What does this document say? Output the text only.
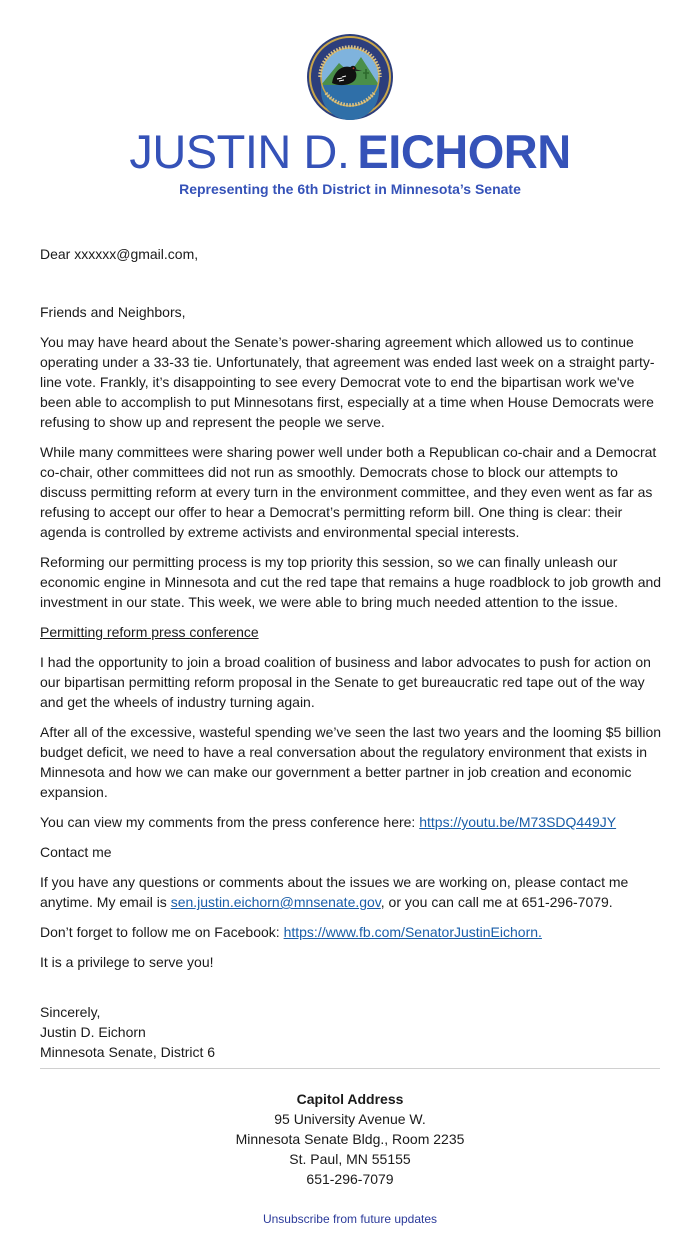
JUSTIN D. EICHORN
Representing the 6th District in Minnesota’s Senate

Dear xxxxxx@gmail.com,

Friends and Neighbors,

You may have heard about the Senate’s power-sharing agreement which allowed us to continue operating under a 33-33 tie. Unfortunately, that agreement was ended last week on a straight party-line vote. Frankly, it’s disappointing to see every Democrat vote to end the bipartisan work we've been able to accomplish to put Minnesotans first, especially at a time when House Democrats were refusing to show up and represent the people we serve.

While many committees were sharing power well under both a Republican co-chair and a Democrat co-chair, other committees did not run as smoothly. Democrats chose to block our attempts to discuss permitting reform at every turn in the environment committee, and they even went as far as refusing to accept our offer to hear a Democrat’s permitting reform bill. One thing is clear: their agenda is controlled by extreme activists and environmental special interests.

Reforming our permitting process is my top priority this session, so we can finally unleash our economic engine in Minnesota and cut the red tape that remains a huge roadblock to job growth and investment in our state. This week, we were able to bring much needed attention to the issue.

Permitting reform press conference

I had the opportunity to join a broad coalition of business and labor advocates to push for action on our bipartisan permitting reform proposal in the Senate to get bureaucratic red tape out of the way and get the wheels of industry turning again.

After all of the excessive, wasteful spending we’ve seen the last two years and the looming $5 billion budget deficit, we need to have a real conversation about the regulatory environment that exists in Minnesota and how we can make our government a better partner in job creation and economic expansion.

You can view my comments from the press conference here: https://youtu.be/M73SDQ449JY

Contact me

If you have any questions or comments about the issues we are working on, please contact me anytime. My email is sen.justin.eichorn@mnsenate.gov, or you can call me at 651-296-7079.

Don’t forget to follow me on Facebook: https://www.fb.com/SenatorJustinEichorn.

It is a privilege to serve you!

Sincerely,
Justin D. Eichorn
Minnesota Senate, District 6

Capitol Address
95 University Avenue W.
Minnesota Senate Bldg., Room 2235
St. Paul, MN 55155
651-296-7079
Unsubscribe from future updates
